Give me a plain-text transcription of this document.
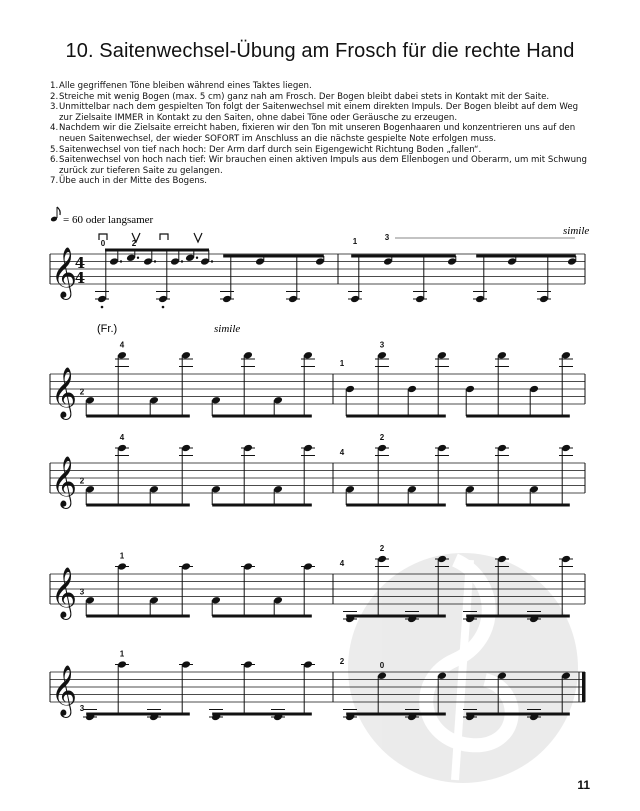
10. Saitenwechsel-Übung am Frosch für die rechte Hand
1. Alle gegriffenen Töne bleiben während eines Taktes liegen.
2. Streiche mit wenig Bogen (max. 5 cm) ganz nah am Frosch. Der Bogen bleibt dabei stets in Kontakt mit der Saite.
3. Unmittelbar nach dem gespielten Ton folgt der Saitenwechsel mit einem direkten Impuls. Der Bogen bleibt auf dem Weg zur Zielsaite IMMER in Kontakt zu den Saiten, ohne dabei Töne oder Geräusche zu erzeugen.
4. Nachdem wir die Zielsaite erreicht haben, fixieren wir den Ton mit unseren Bogenhaaren und konzentrieren uns auf den neuen Saitenwechsel, der wieder SOFORT im Anschluss an die nächste gespielte Note erfolgen muss.
5. Saitenwechsel von tief nach hoch: Der Arm darf durch sein Eigengewicht Richtung Boden „fallen“.
6. Saitenwechsel von hoch nach tief: Wir brauchen einen aktiven Impuls aus dem Ellenbogen und Oberarm, um mit Schwung zurück zur tieferen Saite zu gelangen.
7. Übe auch in der Mitte des Bogens.
= 60 oder langsamer
simile
(Fr.)	simile
𝄞
4
4
0	2	1	3
𝄞 2
4
1
3
𝄞 2
4
4
2
𝄞 3
1
4
2
𝄞 3
1
2	0
11
